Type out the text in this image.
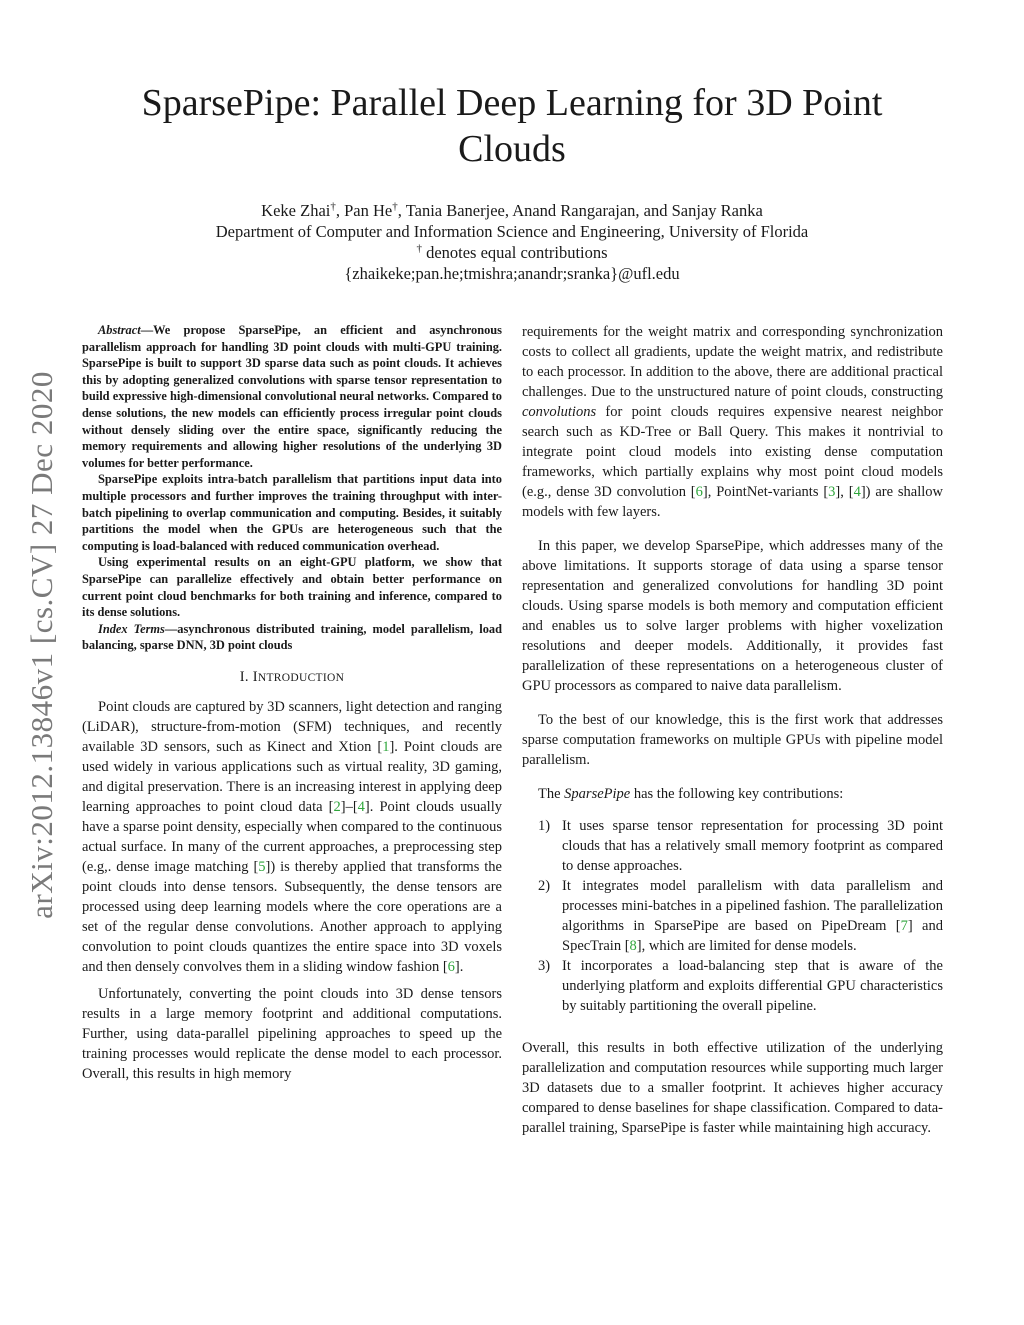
arXiv:2012.13846v1 [cs.CV] 27 Dec 2020
SparsePipe: Parallel Deep Learning for 3D Point
Clouds
Keke Zhai†, Pan He†, Tania Banerjee, Anand Rangarajan, and Sanjay Ranka
Department of Computer and Information Science and Engineering, University of Florida
† denotes equal contributions
{zhaikeke;pan.he;tmishra;anandr;sranka}@ufl.edu

Abstract—We propose SparsePipe, an efficient and asynchronous parallelism approach for handling 3D point clouds with multi-GPU training. SparsePipe is built to support 3D sparse data such as point clouds. It achieves this by adopting generalized convolutions with sparse tensor representation to build expressive high-dimensional convolutional neural networks. Compared to dense solutions, the new models can efficiently process irregular point clouds without densely sliding over the entire space, significantly reducing the memory requirements and allowing higher resolutions of the underlying 3D volumes for better performance.

SparsePipe exploits intra-batch parallelism that partitions input data into multiple processors and further improves the training throughput with inter-batch pipelining to overlap communication and computing. Besides, it suitably partitions the model when the GPUs are heterogeneous such that the computing is load-balanced with reduced communication overhead.

Using experimental results on an eight-GPU platform, we show that SparsePipe can parallelize effectively and obtain better performance on current point cloud benchmarks for both training and inference, compared to its dense solutions.

Index Terms—asynchronous distributed training, model parallelism, load balancing, sparse DNN, 3D point clouds

I. INTRODUCTION

Point clouds are captured by 3D scanners, light detection and ranging (LiDAR), structure-from-motion (SFM) techniques, and recently available 3D sensors, such as Kinect and Xtion [1]. Point clouds are used widely in various applications such as virtual reality, 3D gaming, and digital preservation. There is an increasing interest in applying deep learning approaches to point cloud data [2]–[4]. Point clouds usually have a sparse point density, especially when compared to the continuous actual surface. In many of the current approaches, a preprocessing step (e.g,. dense image matching [5]) is thereby applied that transforms the point clouds into dense tensors. Subsequently, the dense tensors are processed using deep learning models where the core operations are a set of the regular dense convolutions. Another approach to applying convolution to point clouds quantizes the entire space into 3D voxels and then densely convolves them in a sliding window fashion [6].

Unfortunately, converting the point clouds into 3D dense tensors results in a large memory footprint and additional computations. Further, using data-parallel pipelining approaches to speed up the training processes would replicate the dense model to each processor. Overall, this results in high memory

requirements for the weight matrix and corresponding synchronization costs to collect all gradients, update the weight matrix, and redistribute to each processor. In addition to the above, there are additional practical challenges. Due to the unstructured nature of point clouds, constructing convolutions for point clouds requires expensive nearest neighbor search such as KD-Tree or Ball Query. This makes it nontrivial to integrate point cloud models into existing dense computation frameworks, which partially explains why most point cloud models (e.g., dense 3D convolution [6], PointNet-variants [3], [4]) are shallow models with few layers.

In this paper, we develop SparsePipe, which addresses many of the above limitations. It supports storage of data using a sparse tensor representation and generalized convolutions for handling 3D point clouds. Using sparse models is both memory and computation efficient and enables us to solve larger problems with higher voxelization resolutions and deeper models. Additionally, it provides fast parallelization of these representations on a heterogeneous cluster of GPU processors as compared to naive data parallelism.

To the best of our knowledge, this is the first work that addresses sparse computation frameworks on multiple GPUs with pipeline model parallelism.

The SparsePipe has the following key contributions:

1) It uses sparse tensor representation for processing 3D point clouds that has a relatively small memory footprint as compared to dense approaches.
2) It integrates model parallelism with data parallelism and processes mini-batches in a pipelined fashion. The parallelization algorithms in SparsePipe are based on PipeDream [7] and SpecTrain [8], which are limited for dense models.
3) It incorporates a load-balancing step that is aware of the underlying platform and exploits differential GPU characteristics by suitably partitioning the overall pipeline.

Overall, this results in both effective utilization of the underlying parallelization and computation resources while supporting much larger 3D datasets due to a smaller footprint. It achieves higher accuracy compared to dense baselines for shape classification. Compared to data-parallel training, SparsePipe is faster while maintaining high accuracy.
